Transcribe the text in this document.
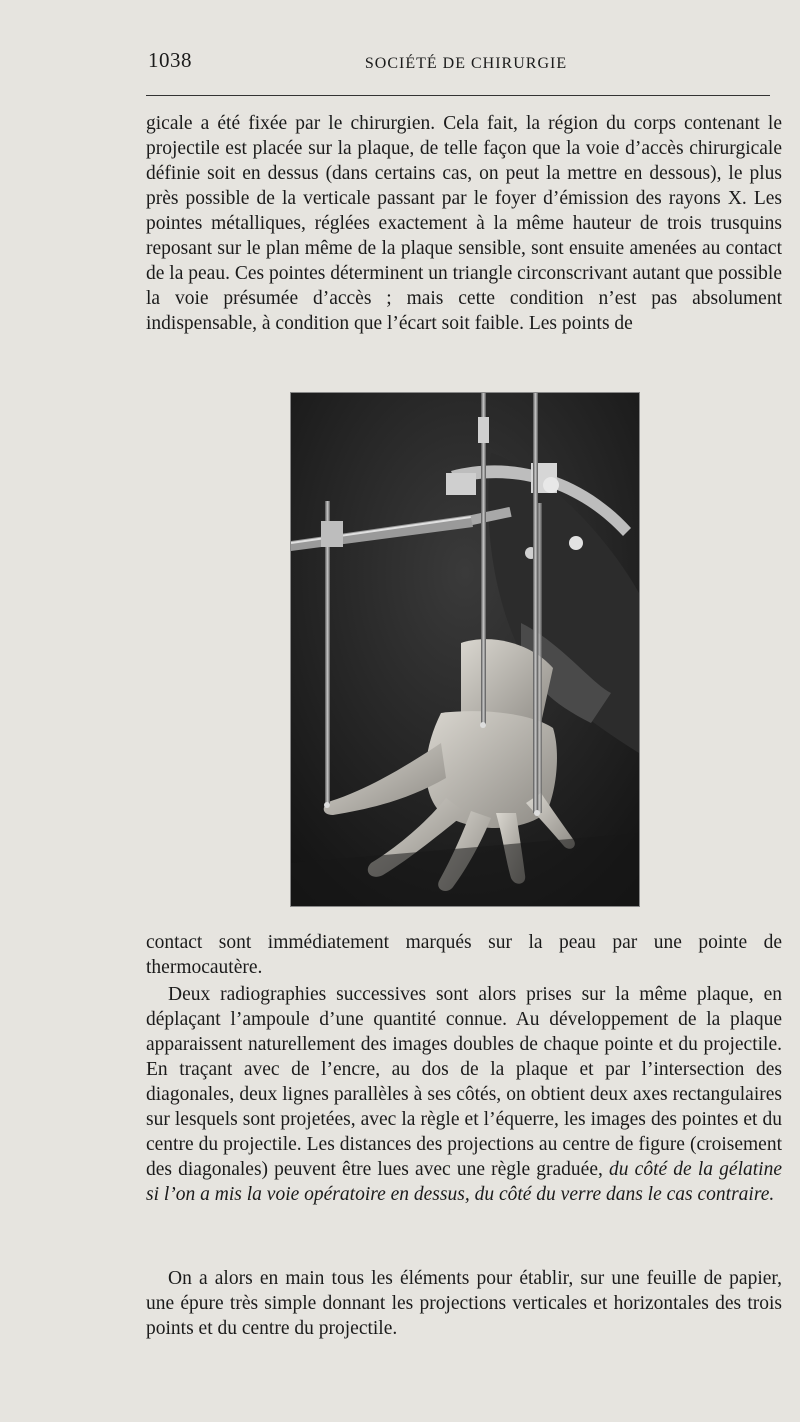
1038	SOCIÉTÉ DE CHIRURGIE

gicale a été fixée par le chirurgien. Cela fait, la région du corps contenant le projectile est placée sur la plaque, de telle façon que la voie d’accès chirurgicale définie soit en dessus (dans certains cas, on peut la mettre en dessous), le plus près possible de la verticale passant par le foyer d’émission des rayons X. Les pointes métalliques, réglées exactement à la même hauteur de trois trusquins reposant sur le plan même de la plaque sensible, sont ensuite amenées au contact de la peau. Ces pointes déterminent un triangle circonscrivant autant que possible la voie présumée d’accès ; mais cette condition n’est pas absolument indispensable, à condition que l’écart soit faible. Les points de

contact sont immédiatement marqués sur la peau par une pointe de thermocautère.

Deux radiographies successives sont alors prises sur la même plaque, en déplaçant l’ampoule d’une quantité connue. Au développement de la plaque apparaissent naturellement des images doubles de chaque pointe et du projectile. En traçant avec de l’encre, au dos de la plaque et par l’intersection des diagonales, deux lignes parallèles à ses côtés, on obtient deux axes rectangulaires sur lesquels sont projetées, avec la règle et l’équerre, les images des pointes et du centre du projectile. Les distances des projections au centre de figure (croisement des diagonales) peuvent être lues avec une règle graduée, du côté de la gélatine si l’on a mis la voie opératoire en dessus, du côté du verre dans le cas contraire.

On a alors en main tous les éléments pour établir, sur une feuille de papier, une épure très simple donnant les projections verticales et horizontales des trois points et du centre du projectile.
